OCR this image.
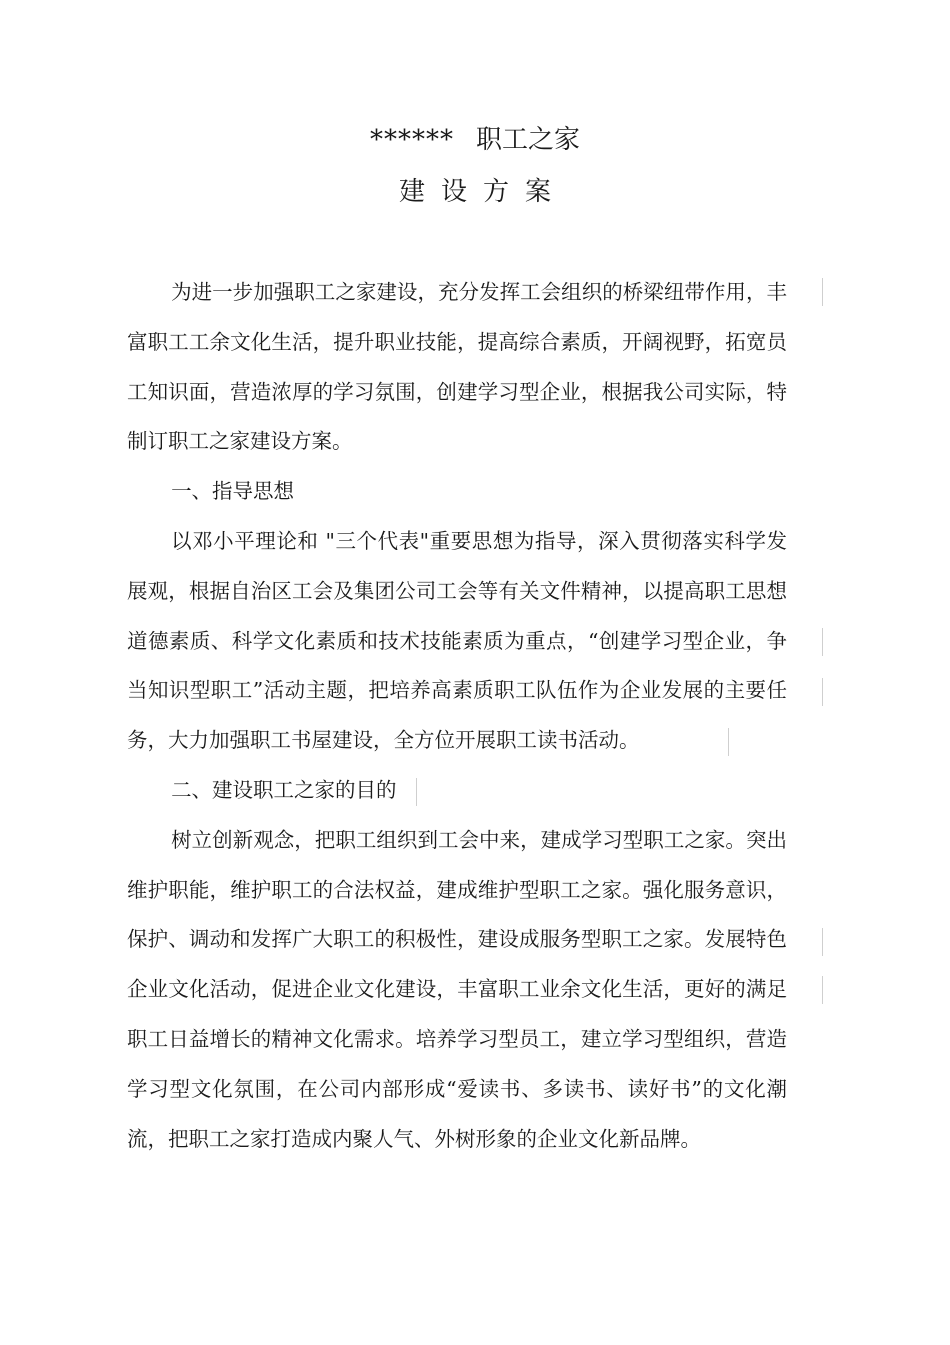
****** 职工之家
建设方案

为进一步加强职工之家建设，充分发挥工会组织的桥梁纽带作用，丰富职工工余文化生活，提升职业技能，提高综合素质，开阔视野，拓宽员工知识面，营造浓厚的学习氛围，创建学习型企业，根据我公司实际，特制订职工之家建设方案。

一、指导思想

以邓小平理论和 "三个代表"重要思想为指导，深入贯彻落实科学发展观，根据自治区工会及集团公司工会等有关文件精神，以提高职工思想道德素质、科学文化素质和技术技能素质为重点，“创建学习型企业，争当知识型职工”活动主题，把培养高素质职工队伍作为企业发展的主要任务，大力加强职工书屋建设，全方位开展职工读书活动。

二、建设职工之家的目的

树立创新观念，把职工组织到工会中来，建成学习型职工之家。突出维护职能，维护职工的合法权益，建成维护型职工之家。强化服务意识，保护、调动和发挥广大职工的积极性，建设成服务型职工之家。发展特色企业文化活动，促进企业文化建设，丰富职工业余文化生活，更好的满足职工日益增长的精神文化需求。培养学习型员工，建立学习型组织，营造学习型文化氛围，在公司内部形成“爱读书、多读书、读好书”的文化潮流，把职工之家打造成内聚人气、外树形象的企业文化新品牌。
